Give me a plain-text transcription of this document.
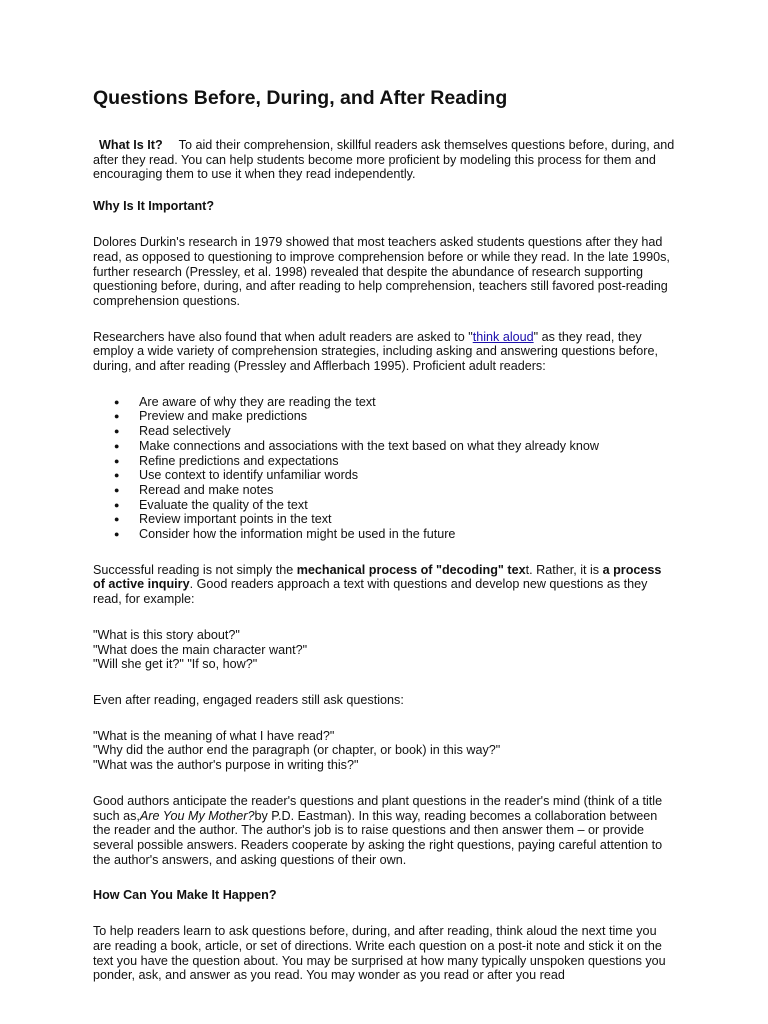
Questions Before, During, and After Reading

What Is It? To aid their comprehension, skillful readers ask themselves questions before, during, and after they read. You can help students become more proficient by modeling this process for them and encouraging them to use it when they read independently.

Why Is It Important?

Dolores Durkin's research in 1979 showed that most teachers asked students questions after they had read, as opposed to questioning to improve comprehension before or while they read. In the late 1990s, further research (Pressley, et al. 1998) revealed that despite the abundance of research supporting questioning before, during, and after reading to help comprehension, teachers still favored post-reading comprehension questions.

Researchers have also found that when adult readers are asked to "think aloud" as they read, they employ a wide variety of comprehension strategies, including asking and answering questions before, during, and after reading (Pressley and Afflerbach 1995). Proficient adult readers:

●	Are aware of why they are reading the text
●	Preview and make predictions
●	Read selectively
●	Make connections and associations with the text based on what they already know
●	Refine predictions and expectations
●	Use context to identify unfamiliar words
●	Reread and make notes
●	Evaluate the quality of the text
●	Review important points in the text
●	Consider how the information might be used in the future

Successful reading is not simply the mechanical process of "decoding" text. Rather, it is a process of active inquiry. Good readers approach a text with questions and develop new questions as they read, for example:

"What is this story about?"
"What does the main character want?"
"Will she get it?" "If so, how?"

Even after reading, engaged readers still ask questions:

"What is the meaning of what I have read?"
"Why did the author end the paragraph (or chapter, or book) in this way?"
"What was the author's purpose in writing this?"

Good authors anticipate the reader's questions and plant questions in the reader's mind (think of a title such as,Are You My Mother?by P.D. Eastman). In this way, reading becomes a collaboration between the reader and the author. The author's job is to raise questions and then answer them – or provide several possible answers. Readers cooperate by asking the right questions, paying careful attention to the author's answers, and asking questions of their own.

How Can You Make It Happen?

To help readers learn to ask questions before, during, and after reading, think aloud the next time you are reading a book, article, or set of directions. Write each question on a post-it note and stick it on the text you have the question about. You may be surprised at how many typically unspoken questions you ponder, ask, and answer as you read. You may wonder as you read or after you read
